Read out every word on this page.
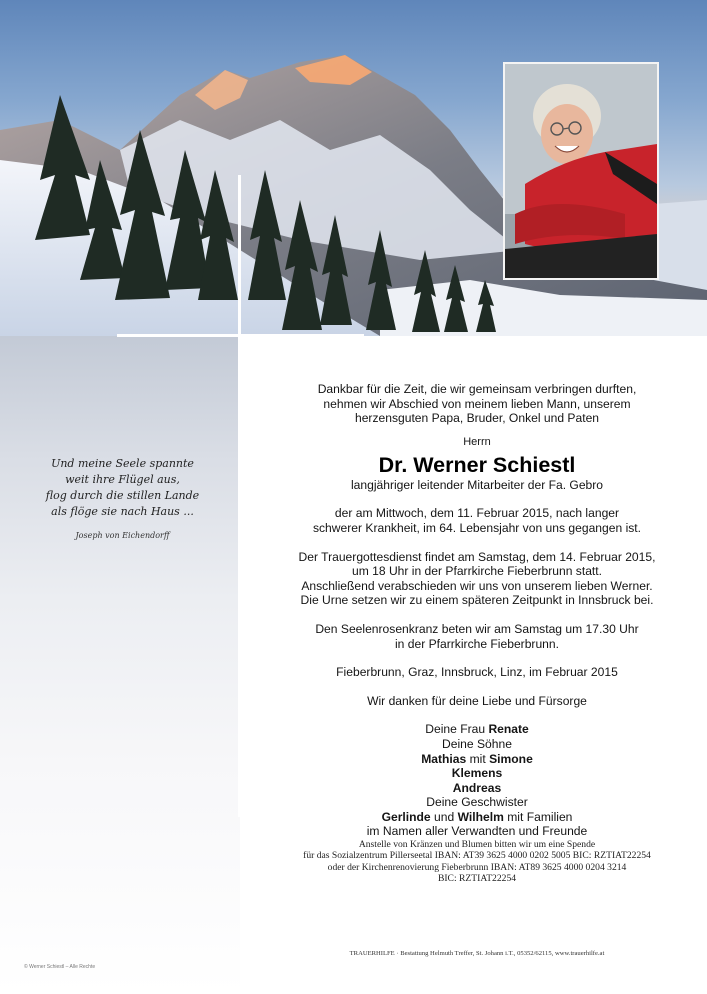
Und meine Seele spannte
weit ihre Flügel aus,
flog durch die stillen Lande
als flöge sie nach Haus ...
Joseph von Eichendorff
© Werner Schiestl – Alle Rechte

Dankbar für die Zeit, die wir gemeinsam verbringen durften,
nehmen wir Abschied von meinem lieben Mann, unserem
herzensguten Papa, Bruder, Onkel und Paten

Herrn

Dr. Werner Schiestl

langjähriger leitender Mitarbeiter der Fa. Gebro

der am Mittwoch, dem 11. Februar 2015, nach langer
schwerer Krankheit, im 64. Lebensjahr von uns gegangen ist.

Der Trauergottesdienst findet am Samstag, dem 14. Februar 2015,
um 18 Uhr in der Pfarrkirche Fieberbrunn statt.
Anschließend verabschieden wir uns von unserem lieben Werner.
Die Urne setzen wir zu einem späteren Zeitpunkt in Innsbruck bei.

Den Seelenrosenkranz beten wir am Samstag um 17.30 Uhr
in der Pfarrkirche Fieberbrunn.

Fieberbrunn, Graz, Innsbruck, Linz, im Februar 2015

Wir danken für deine Liebe und Fürsorge

Deine Frau Renate
Deine Söhne
Mathias mit Simone
Klemens
Andreas
Deine Geschwister
Gerlinde und Wilhelm mit Familien

im Namen aller Verwandten und Freunde

Anstelle von Kränzen und Blumen bitten wir um eine Spende
für das Sozialzentrum Pillerseetal IBAN: AT39 3625 4000 0202 5005 BIC: RZTIAT22254
oder der Kirchenrenovierung Fieberbrunn IBAN: AT89 3625 4000 0204 3214
BIC: RZTIAT22254

TRAUERHILFE · Bestattung Helmuth Treffer, St. Johann i.T., 05352/62115, www.trauerhilfe.at
